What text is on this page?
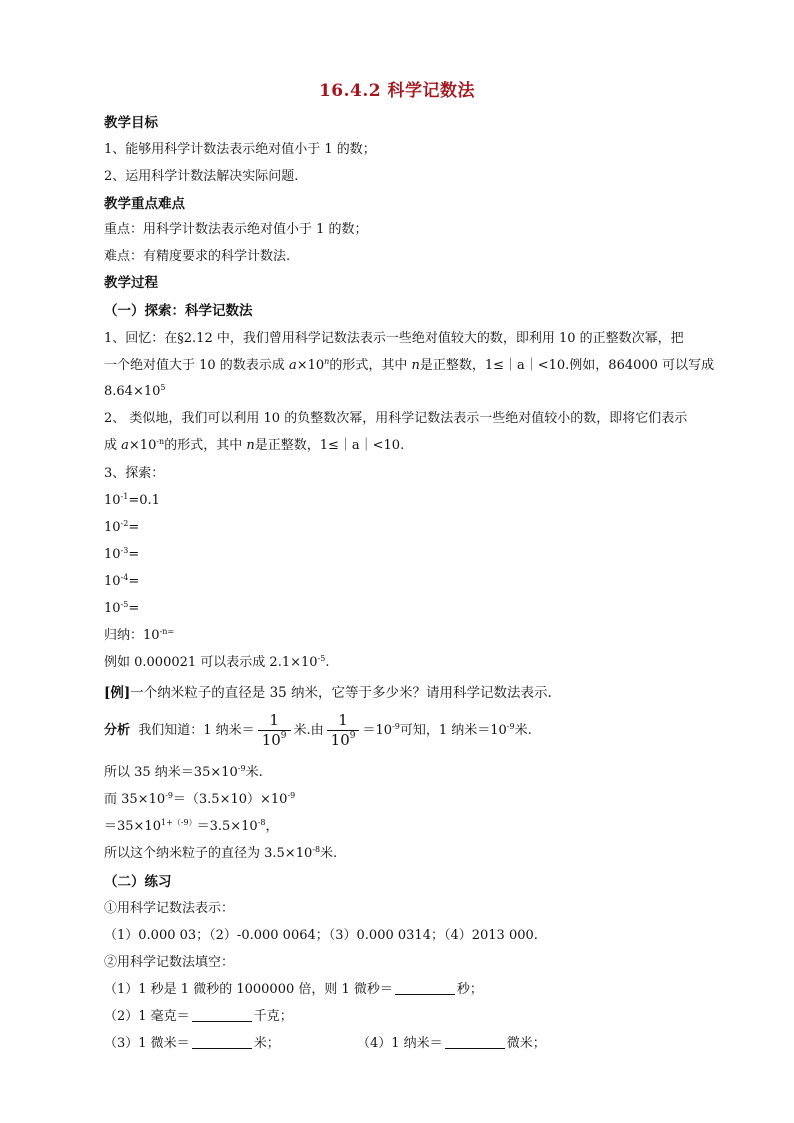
16.4.2 科学记数法
教学目标
1、能够用科学计数法表示绝对值小于 1 的数；
2、运用科学计数法解决实际问题.
教学重点难点
重点：用科学计数法表示绝对值小于 1 的数；
难点：有精度要求的科学计数法.
教学过程
（一）探索：科学记数法
1、回忆：在§2.12 中，我们曾用科学记数法表示一些绝对值较大的数，即利用 10 的正整数次幂，把
一个绝对值大于 10 的数表示成 $a\times 10^n$的形式，其中 n是正整数，1≤｜a｜<10.例如，864000 可以写成
$8.64\times 10^5$
2、 类似地，我们可以利用 10 的负整数次幂，用科学记数法表示一些绝对值较小的数，即将它们表示
成 $a\times 10^{-n}$的形式，其中 n是正整数，1≤｜a｜<10.
3、探索：
$10^{-1}=0.1$
$10^{-2}=$
$10^{-3}=$
$10^{-4}=$
$10^{-5}=$
归纳：$10^{-n=}$
例如 0.000021 可以表示成 $2.1\times 10^{-5}$.
[例]一个纳米粒子的直径是 35 纳米，它等于多少米？请用科学记数法表示.
分析 我们知道：1 纳米＝ $\frac{1}{10^9}$ 米.由 $\frac{1}{10^9} =10^{-9}$可知，1 纳米$=10^{-9}$米.
所以 35 纳米$=35\times 10^{-9}$米.
而 $35\times 10^{-9}=(3.5\times 10)\times 10^{-9}$
$=35\times 10^{1+(-9)}=3.5\times 10^{-8}$，
所以这个纳米粒子的直径为 $3.5\times 10^{-8}$米.
（二）练习
①用科学记数法表示：
（1）0.000 03；（2）-0.000 0064；（3）0.000 0314；（4）2013 000.
②用科学记数法填空：
（1）1 秒是 1 微秒的 1000000 倍，则 1 微秒＝	秒；
（2）1 毫克＝	千克；
（3）1 微米＝	米；	（4）1 纳米＝	微米；
